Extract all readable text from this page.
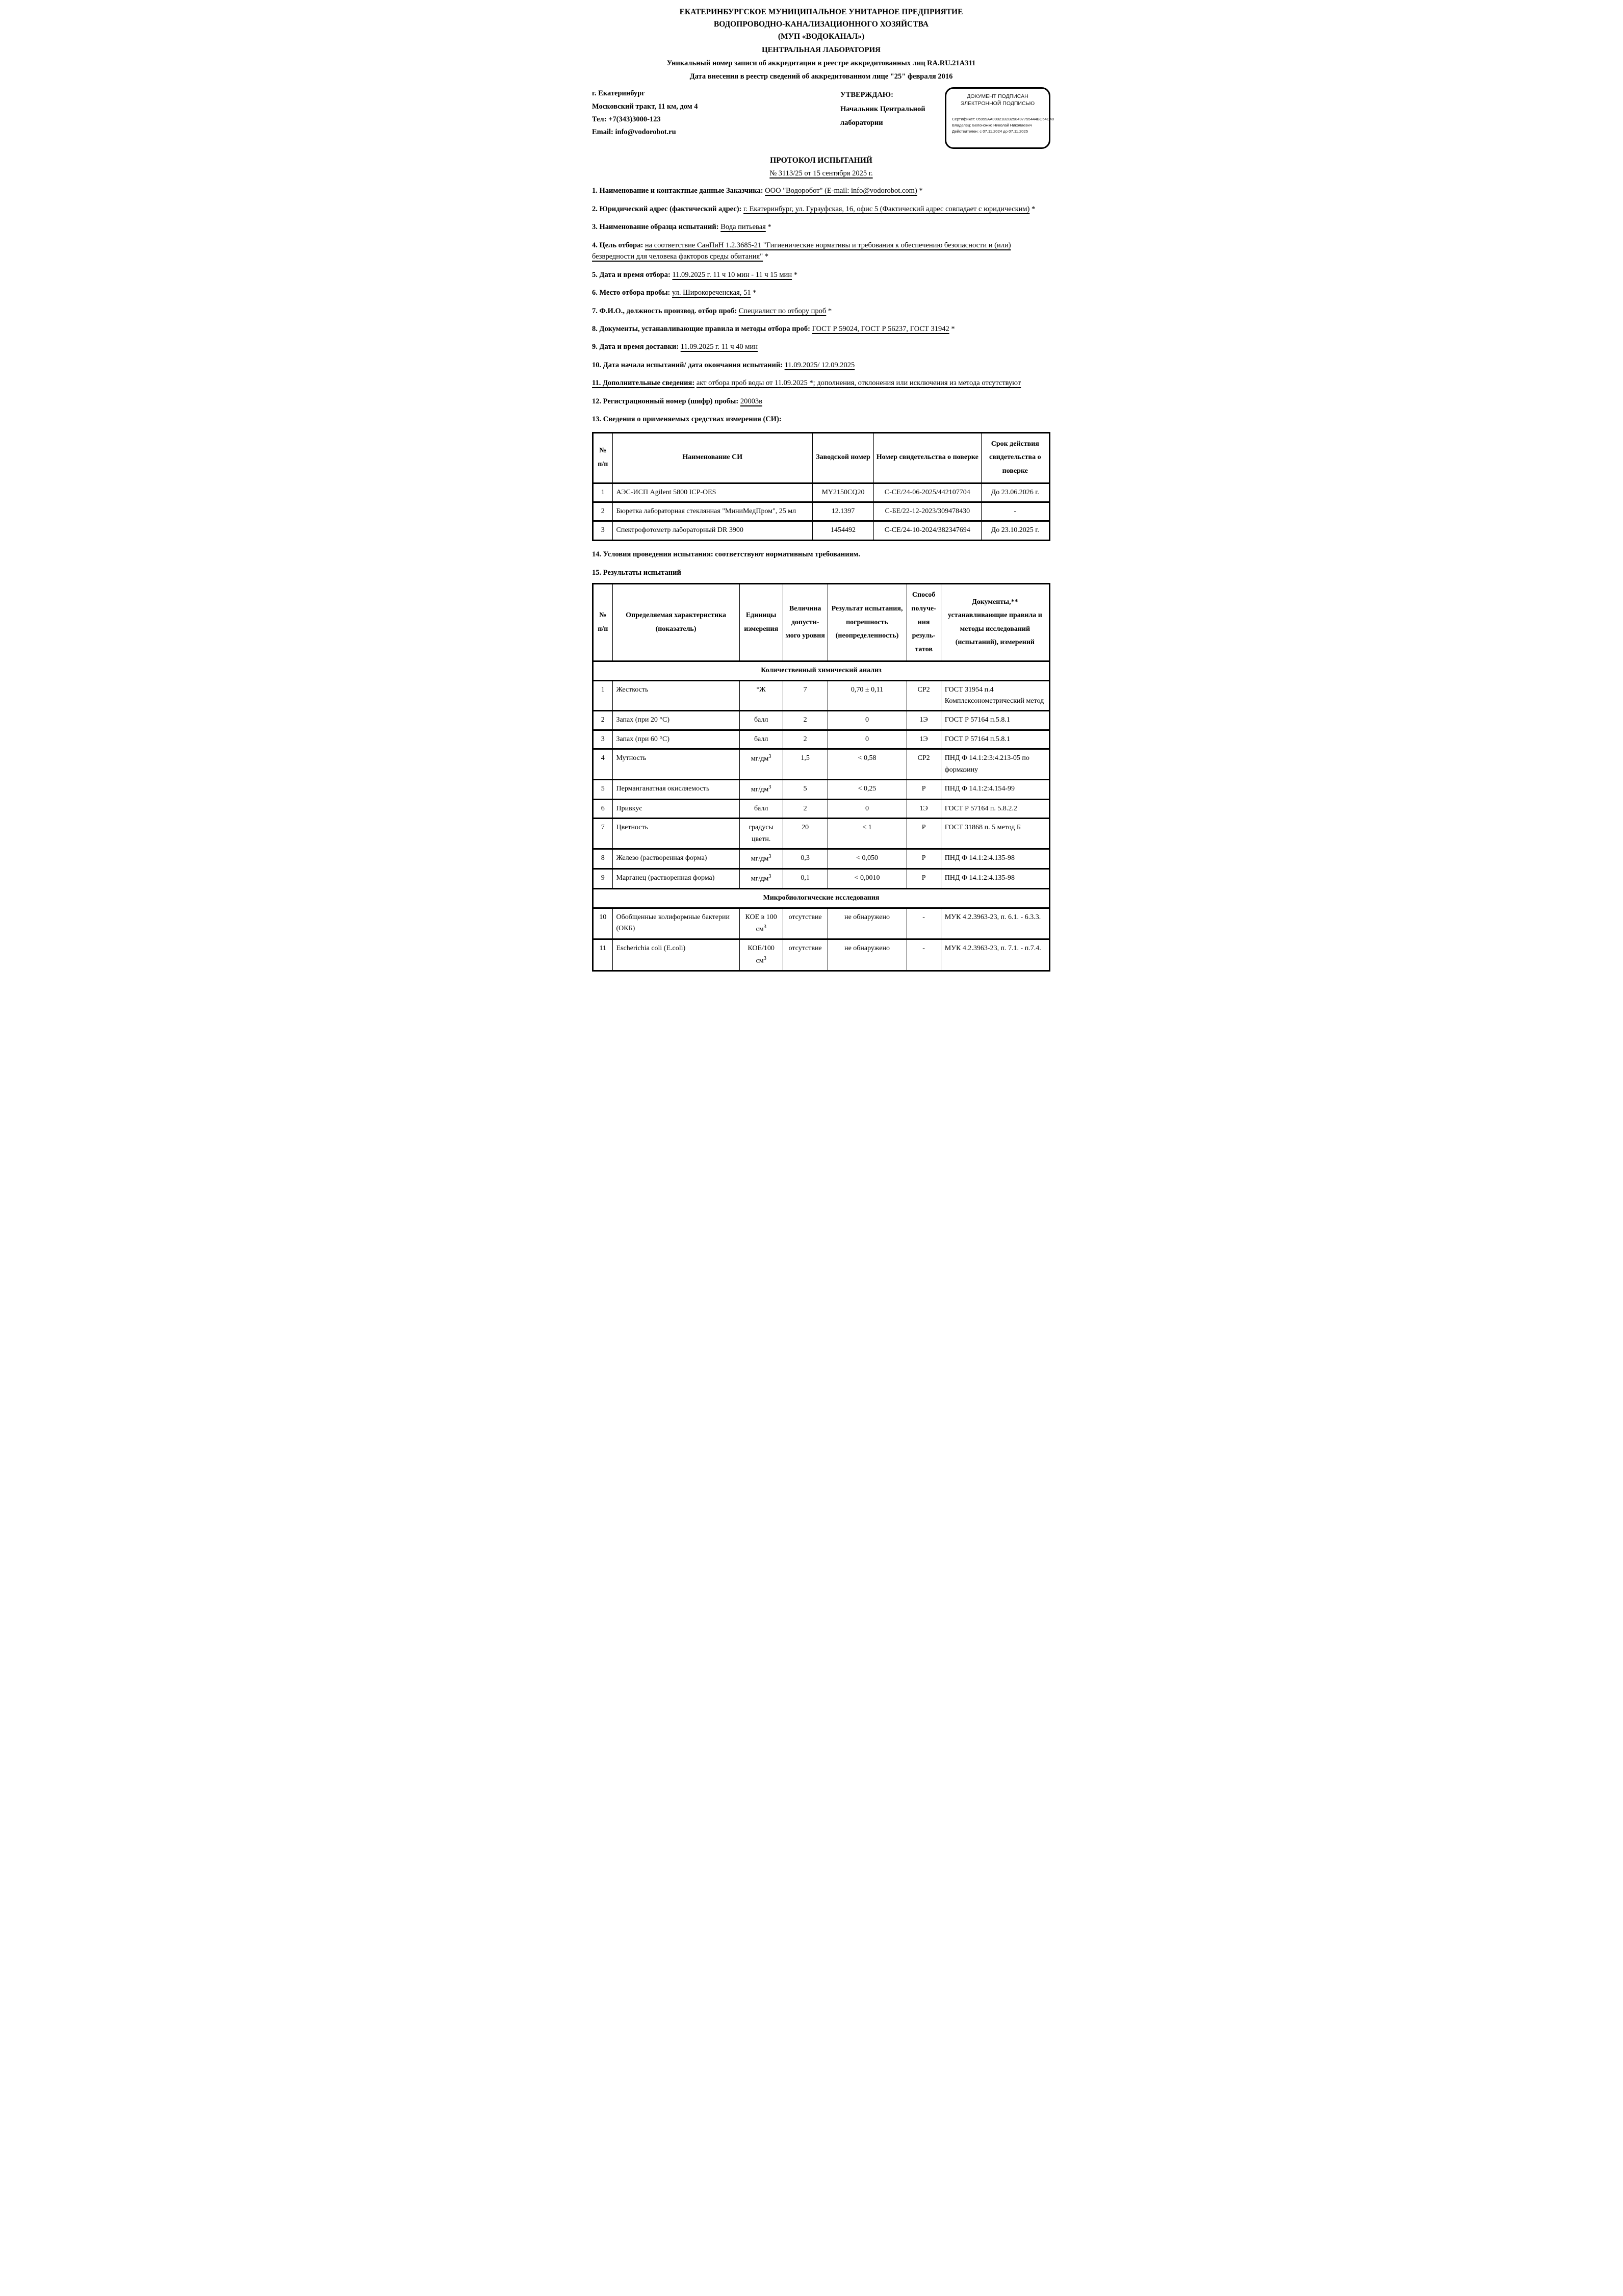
ЕКАТЕРИНБУРГСКОЕ МУНИЦИПАЛЬНОЕ УНИТАРНОЕ ПРЕДПРИЯТИЕ
ВОДОПРОВОДНО-КАНАЛИЗАЦИОННОГО ХОЗЯЙСТВА
(МУП «ВОДОКАНАЛ»)
ЦЕНТРАЛЬНАЯ ЛАБОРАТОРИЯ
Уникальный номер записи об аккредитации в реестре аккредитованных лиц RA.RU.21АЗ11
Дата внесения в реестр сведений об аккредитованном лице "25" февраля 2016
г. Екатеринбург
Московский тракт, 11 км, дом 4
Тел: +7(343)3000-123
Email: info@vodorobot.ru
УТВЕРЖДАЮ:
Начальник Центральной
лаборатории
ДОКУМЕНТ ПОДПИСАН
ЭЛЕКТРОННОЙ ПОДПИСЬЮ
Сертификат: 05999AA00021B2B298497755444BC54D40
Владелец: Белоножко Николай Николаевич
Действителен: с 07.11.2024 до 07.11.2025
ПРОТОКОЛ ИСПЫТАНИЙ
№ 3113/25 от 15 сентября 2025 г.

1. Наименование и контактные данные Заказчика: ООО "Водоробот" (E-mail: info@vodorobot.com) *

2. Юридический адрес (фактический адрес): г. Екатеринбург, ул. Гурзуфская, 16, офис 5 (Фактический адрес совпадает с юридическим) *

3. Наименование образца испытаний: Вода питьевая *

4. Цель отбора: на соответствие СанПиН 1.2.3685-21 "Гигиенические нормативы и требования к обеспечению безопасности и (или) безвредности для человека факторов среды обитания" *

5. Дата и время отбора: 11.09.2025 г. 11 ч 10 мин - 11 ч 15 мин *

6. Место отбора пробы: ул. Широкореченская, 51 *

7. Ф.И.О., должность производ. отбор проб: Специалист по отбору проб *

8. Документы, устанавливающие правила и методы отбора проб: ГОСТ Р 59024, ГОСТ Р 56237, ГОСТ 31942 *

9. Дата и время доставки: 11.09.2025 г. 11 ч 40 мин

10. Дата начала испытаний/ дата окончания испытаний: 11.09.2025/ 12.09.2025

11. Дополнительные сведения: акт отбора проб воды от 11.09.2025 *; дополнения, отклонения или исключения из метода отсутствуют

12. Регистрационный номер (шифр) пробы: 20003в

13. Сведения о применяемых средствах измерения (СИ):

№ п/п	Наименование СИ	Заводской номер	Номер свидетельства о поверке	Срок действия свидетельства о поверке
1	АЭС-ИСП Agilent 5800 ICP-OES	MY2150CQ20	С-СЕ/24-06-2025/442107704	До 23.06.2026 г.
2	Бюретка лабораторная стеклянная "МиниМедПром", 25 мл	12.1397	С-БЕ/22-12-2023/309478430	-
3	Спектрофотометр лабораторный DR 3900	1454492	С-СЕ/24-10-2024/382347694	До 23.10.2025 г.

14. Условия проведения испытания: соответствуют нормативным требованиям.

15. Результаты испытаний

№ п/п	Определяемая характеристика (показатель)	Единицы измерения	Величина допусти-мого уровня	Результат испытания, погрешность (неопределенность)	Способ получе-ния резуль-татов	Документы,** устанавливающие правила и методы исследований (испытаний), измерений
Количественный химический анализ						
1	Жесткость	°Ж	7	0,70 ± 0,11	СР2	ГОСТ 31954 п.4 Комплексонометрический метод
2	Запах (при 20 °С)	балл	2	0	1Э	ГОСТ Р 57164 п.5.8.1
3	Запах (при 60 °С)	балл	2	0	1Э	ГОСТ Р 57164 п.5.8.1
4	Мутность	$мг/дм^3$	1,5	< 0,58	СР2	ПНД Ф 14.1:2:3:4.213-05 по формазину
5	Перманганатная окисляемость	$мг/дм^3$	5	< 0,25	Р	ПНД Ф 14.1:2:4.154-99
6	Привкус	балл	2	0	1Э	ГОСТ Р 57164 п. 5.8.2.2
7	Цветность	градусы цветн.	20	< 1	Р	ГОСТ 31868 п. 5 метод Б
8	Железо (растворенная форма)	$мг/дм^3$	0,3	< 0,050	Р	ПНД Ф 14.1:2:4.135-98
9	Марганец (растворенная форма)	$мг/дм^3$	0,1	< 0,0010	Р	ПНД Ф 14.1:2:4.135-98
Микробиологические исследования						
10	Обобщенные колиформные бактерии (ОКБ)	КОЕ в 100 $см^3$	отсутствие	не обнаружено	-	МУК 4.2.3963-23, п. 6.1. - 6.3.3.
11	Escherichia coli (E.coli)	КОЕ/100 $см^3$	отсутствие	не обнаружено	-	МУК 4.2.3963-23, п. 7.1. - п.7.4.
